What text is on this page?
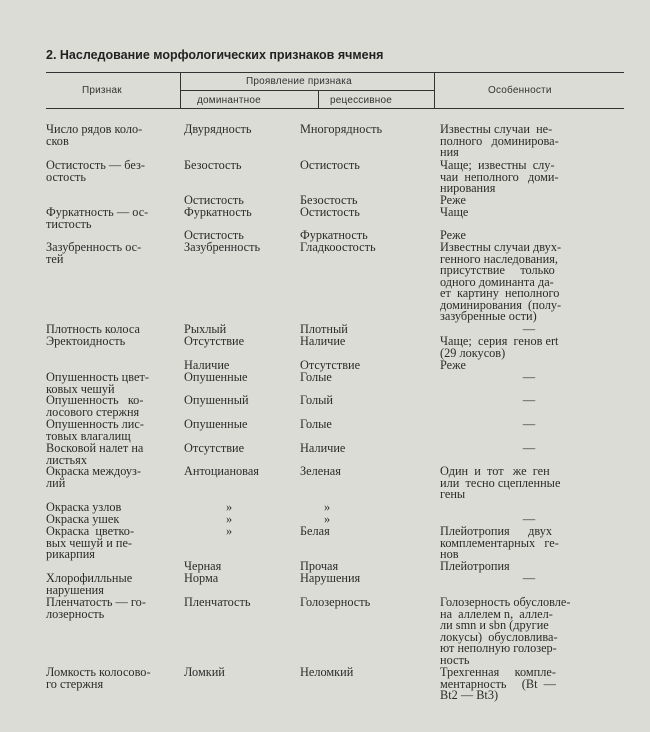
2. Наследование морфологических признаков ячменя
Признак
Проявление признака
доминантное	рецессивное
Особенности
Число рядов коло-
сков
Двурядность	Многорядность	Известны случаи  не-
полного   доминирова-
ния
Остистость — без-
остость
Безостость	Остистость	Чаще;  известны  слу-
чаи  неполного   доми-
нирования
Остистость	Безостость	Реже
Фуркатность — ос-
тистость
Фуркатность	Остистость	Чаще
Остистость	Фуркатность	Реже
Зазубренность ос-
тей
Зазубренность	Гладкоостость	Известны случаи двух-
генного наследования,
присутствие     только
одного доминанта да-
ет  картину  неполного
доминирования  (полу-
зазубренные ости)
Плотность колоса	Рыхлый	Плотный	—
Эректоидность	Отсутствие	Наличие	Чаще;  серия  генов ert
(29 локусов)
Наличие	Отсутствие	Реже
Опушенность цвет-
ковых чешуй
Опушенные	Голые	—
Опушенность   ко-
лосового стержня
Опушенный	Голый	—
Опушенность лис-
товых влагалищ
Опушенные	Голые	—
Восковой налет на
листьях
Отсутствие	Наличие	—
Окраска междоуз-
лий
Антоциановая	Зеленая	Один  и  тот   же  ген
или  тесно сцепленные
гены
Окраска узлов	»	»
Окраска ушек	»	»	—
Окраска  цветко-
вых чешуй и пе-
рикарпия
»	Белая	Плейотропия      двух
комплементарных   ге-
нов
Черная	Прочая	Плейотропия
Хлорофилльные
нарушения
Норма	Нарушения	—
Пленчатость — го-
лозерность
Пленчатость	Голозерность	Голозерность обусловле-
на  аллелем n,  аллел-
ли smn и sbn (другие
локусы)  обусловлива-
ют неполную голозер-
ность
Ломкость колосово-
го стержня
Ломкий	Неломкий	Трехгенная     компле-
ментарность     (Bt  —
Bt2 — Bt3)
